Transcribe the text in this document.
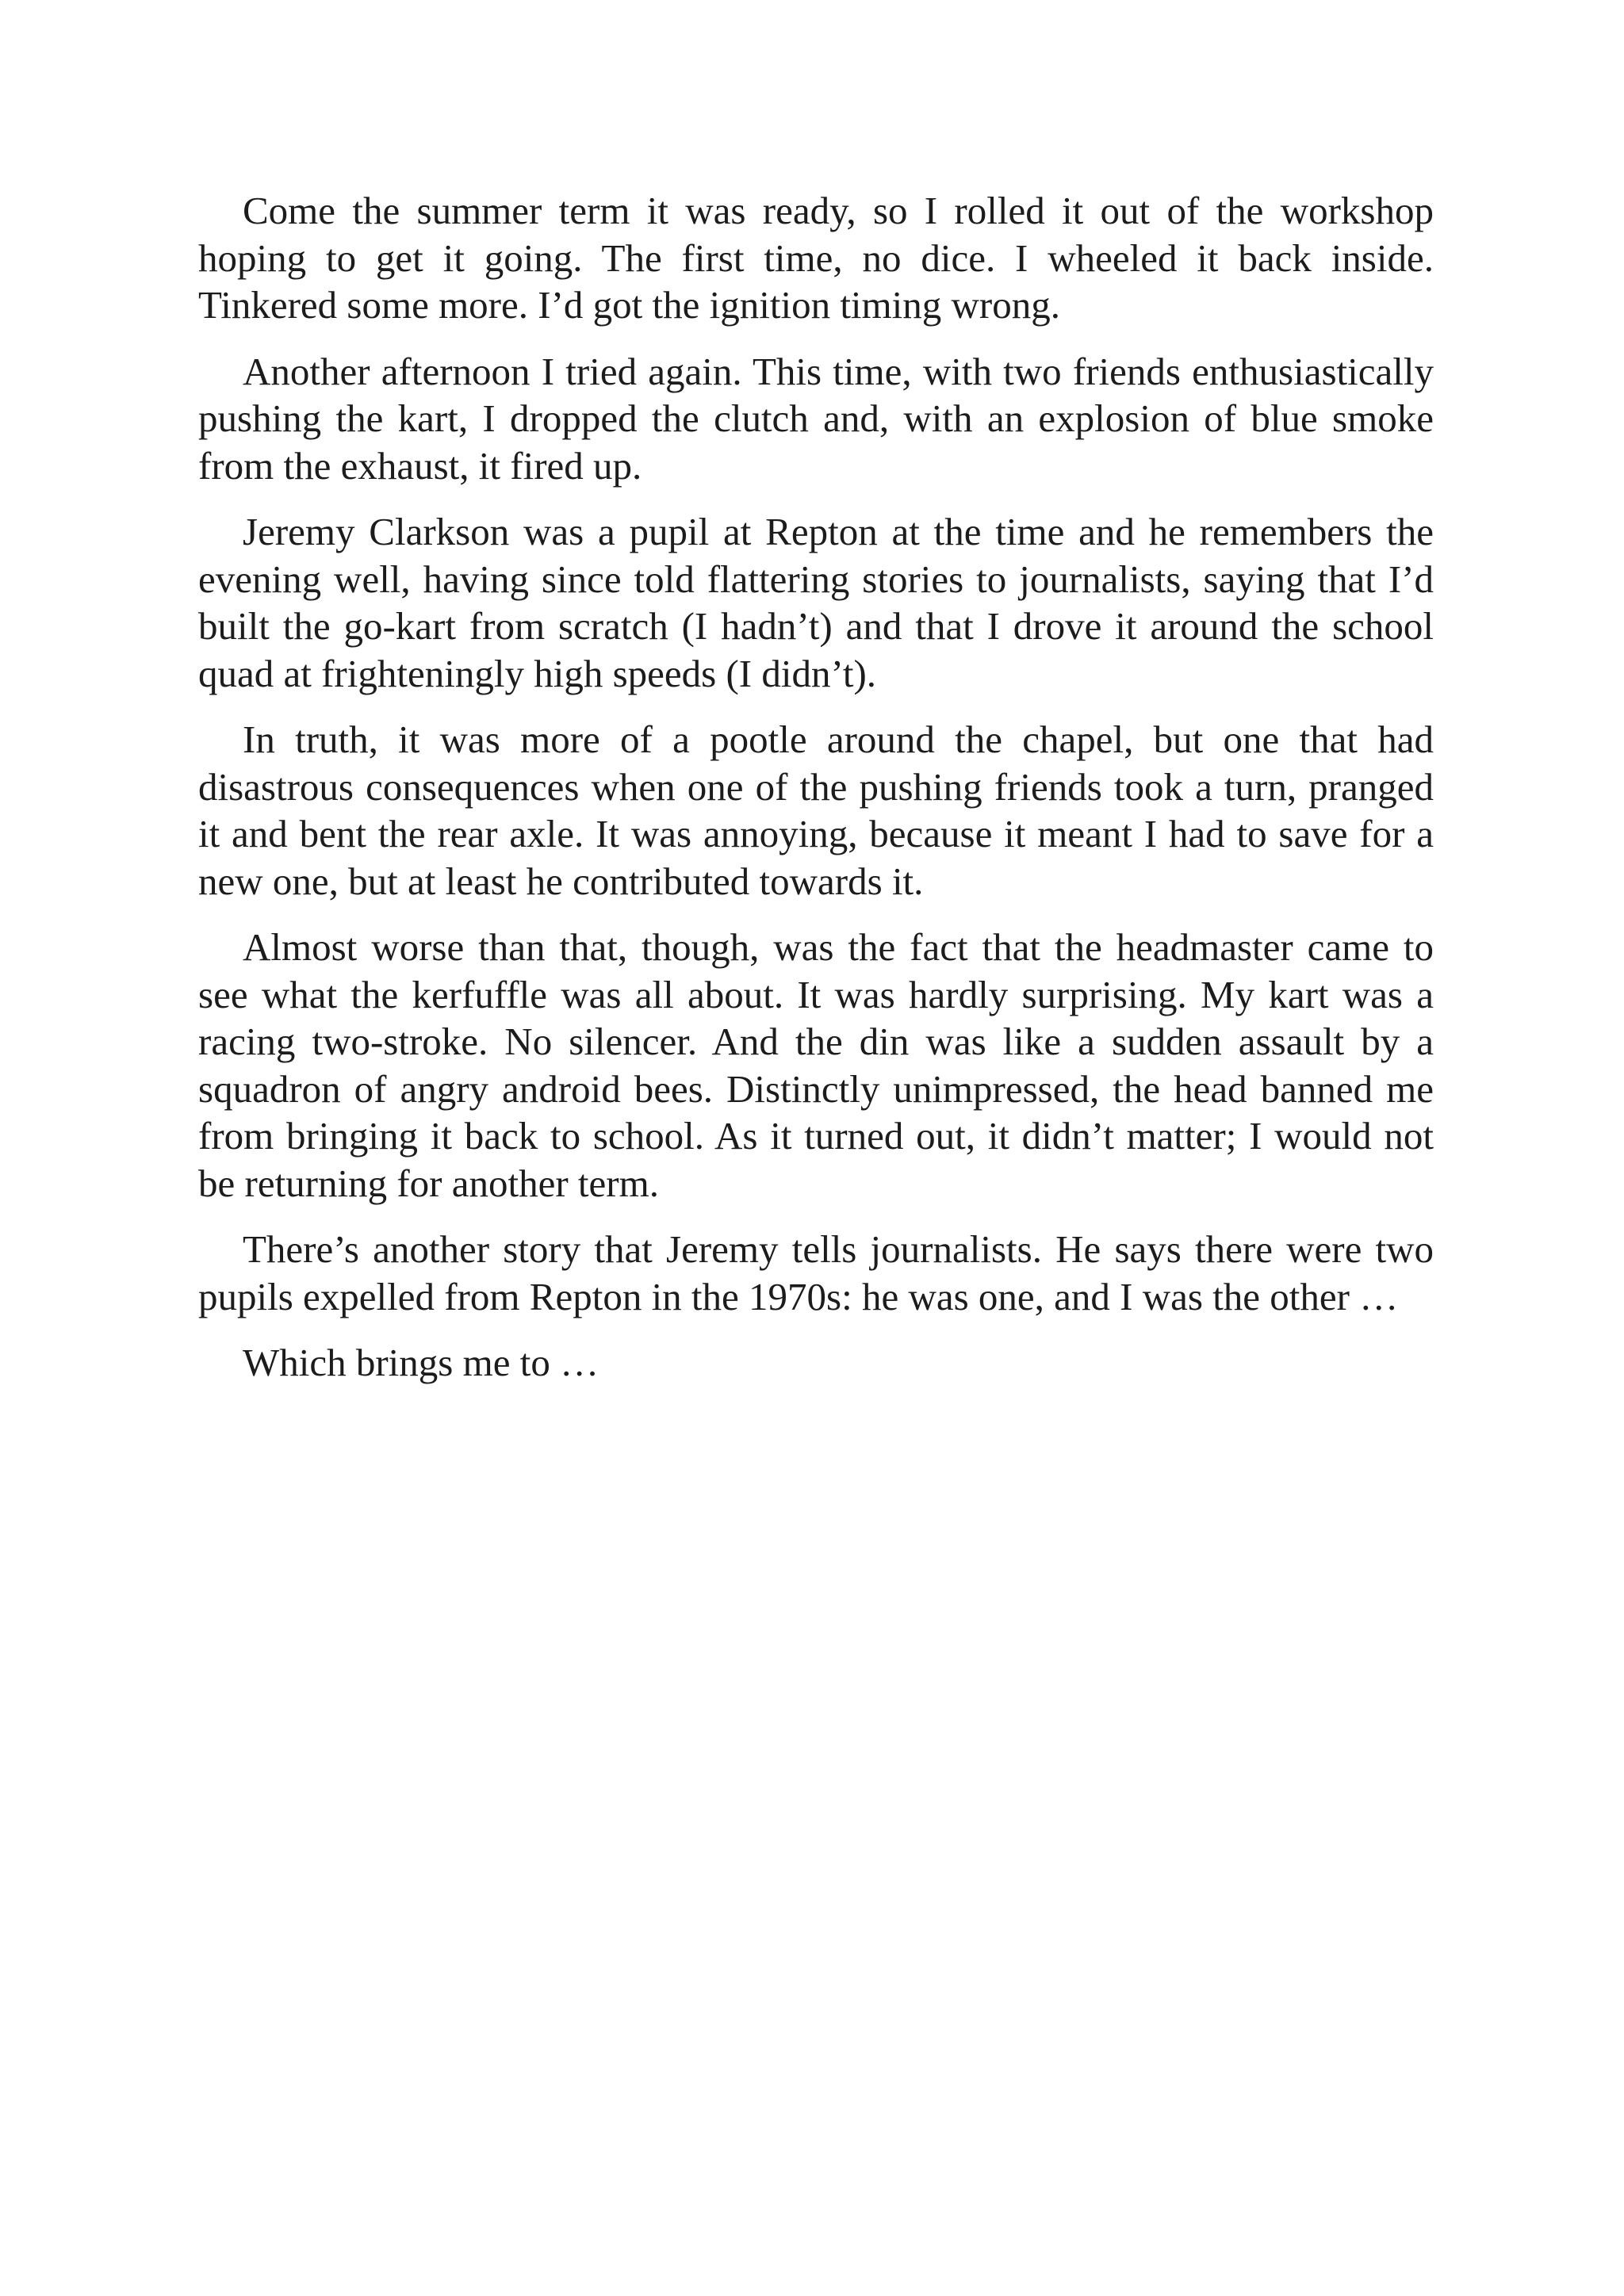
Come the summer term it was ready, so I rolled it out of the workshop hoping to get it going. The first time, no dice. I wheeled it back inside. Tinkered some more. I’d got the ignition timing wrong.

Another afternoon I tried again. This time, with two friends enthusiastically pushing the kart, I dropped the clutch and, with an explosion of blue smoke from the exhaust, it fired up.

Jeremy Clarkson was a pupil at Repton at the time and he remembers the evening well, having since told flattering stories to journalists, saying that I’d built the go-kart from scratch (I hadn’t) and that I drove it around the school quad at frighteningly high speeds (I didn’t).

In truth, it was more of a pootle around the chapel, but one that had disastrous consequences when one of the pushing friends took a turn, pranged it and bent the rear axle. It was annoying, because it meant I had to save for a new one, but at least he contributed towards it.

Almost worse than that, though, was the fact that the headmaster came to see what the kerfuffle was all about. It was hardly surprising. My kart was a racing two-stroke. No silencer. And the din was like a sudden assault by a squadron of angry android bees. Distinctly unimpressed, the head banned me from bringing it back to school. As it turned out, it didn’t matter; I would not be returning for another term.

There’s another story that Jeremy tells journalists. He says there were two pupils expelled from Repton in the 1970s: he was one, and I was the other …

Which brings me to …
